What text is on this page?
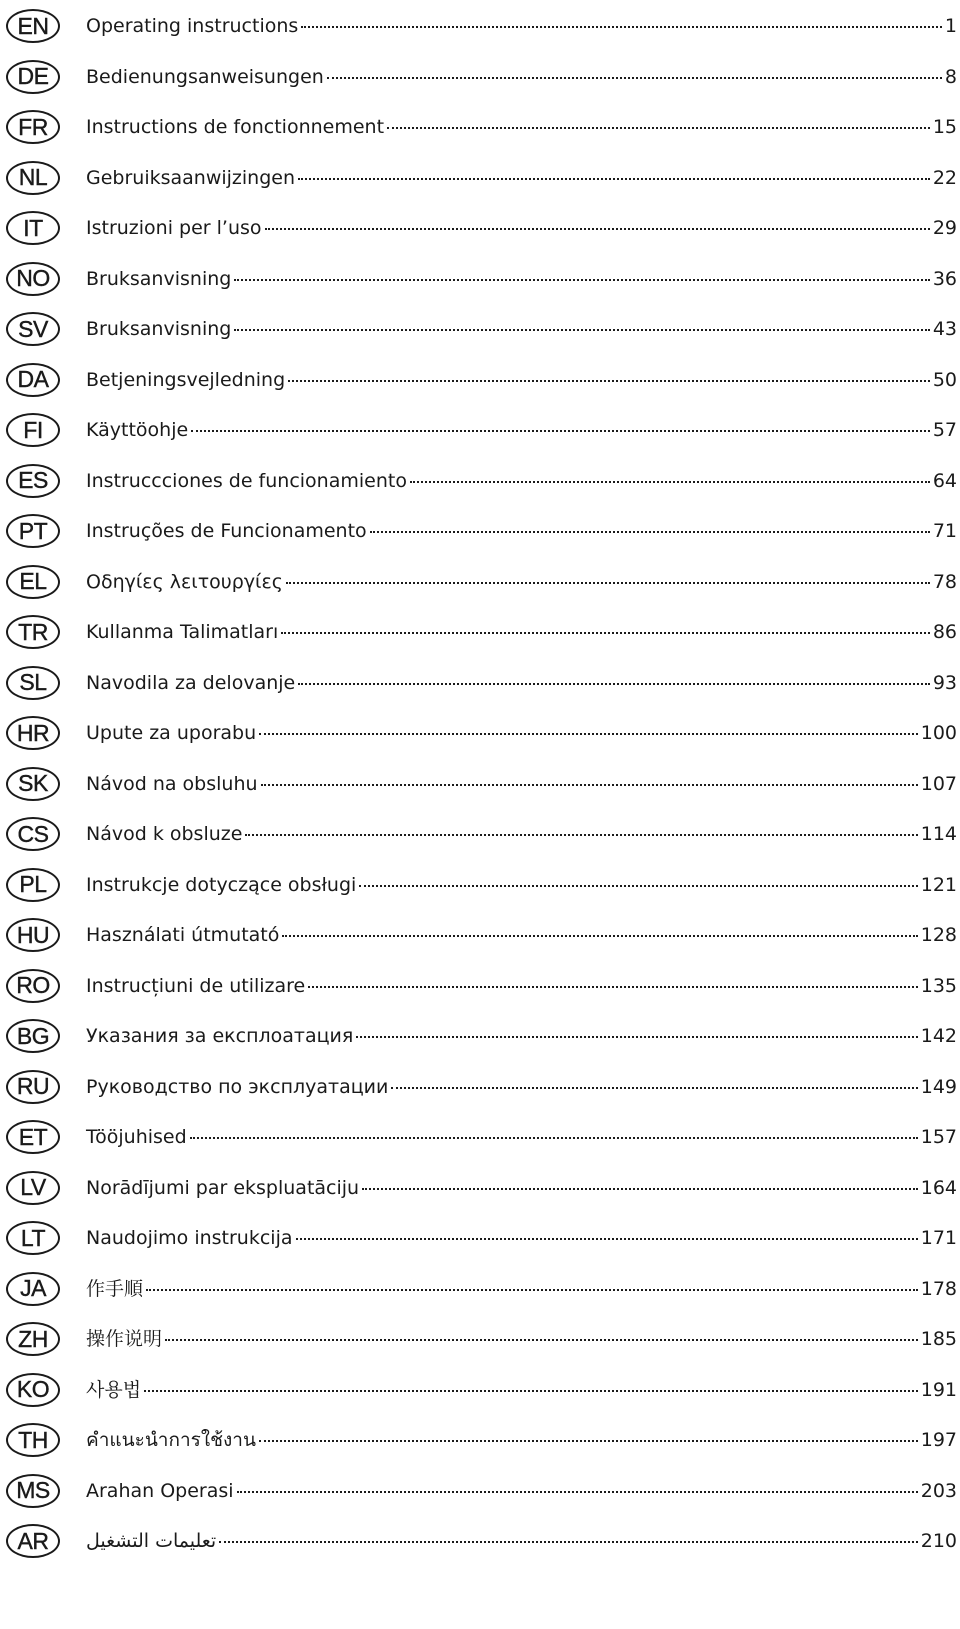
EN	Operating instructions	1
DE	Bedienungsanweisungen	8
FR	Instructions de fonctionnement	15
NL	Gebruiksaanwijzingen	22
IT	Istruzioni per l’uso	29
NO	Bruksanvisning	36
SV	Bruksanvisning	43
DA	Betjeningsvejledning	50
FI	Käyttöohje	57
ES	Instruccciones de funcionamiento	64
PT	Instruções de Funcionamento	71
EL	Οδηγίες λειτουργίες	78
TR	Kullanma Talimatları	86
SL	Navodila za delovanje	93
HR	Upute za uporabu	100
SK	Návod na obsluhu	107
CS	Návod k obsluze	114
PL	Instrukcje dotyczące obsługi	121
HU	Használati útmutató	128
RO	Instrucțiuni de utilizare	135
BG	Указания за експлоатация	142
RU	Руководство по эксплуатации	149
ET	Tööjuhised	157
LV	Norādījumi par ekspluatāciju	164
LT	Naudojimo instrukcija	171
JA	作手順	178
ZH	操作说明	185
KO	사용법	191
TH	คำแนะนำการใช้งาน	197
MS	Arahan Operasi	203
AR	تعليمات التشغيل	210
